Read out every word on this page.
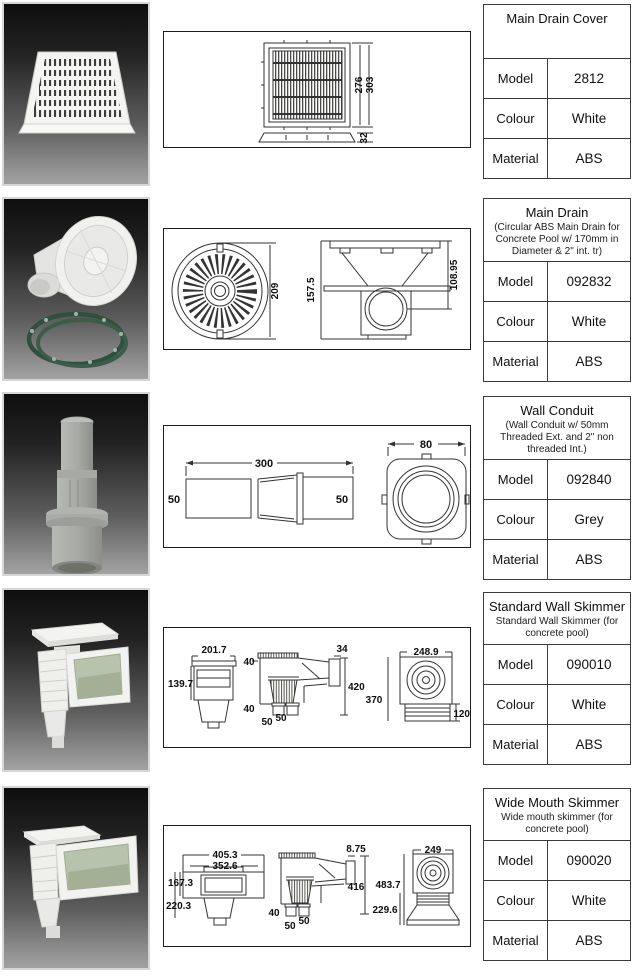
276 303
32
Main Drain Cover
Model	2812
Colour	White
Material	ABS
209	157.5	108.95
Main Drain
(Circular ABS Main Drain for Concrete Pool w/ 170mm in Diameter & 2" int. tr)
Model	092832
Colour	White
Material	ABS
300
50	50
80
Wall Conduit
(Wall Conduit w/ 50mm Threaded Ext. and 2" non threaded Int.)
Model	092840
Colour	Grey
Material	ABS
201.7
139.7
40
34
420
40
50 50
248.9
370
120
Standard Wall Skimmer
Standard Wall Skimmer (for concrete pool)
Model	090010
Colour	White
Material	ABS
405.3
352.6
167.3
220.3
8.75
416
40
50 50
249
483.7
229.6
Wide Mouth Skimmer
Wide mouth skimmer (for concrete pool)
Model	090020
Colour	White
Material	ABS
